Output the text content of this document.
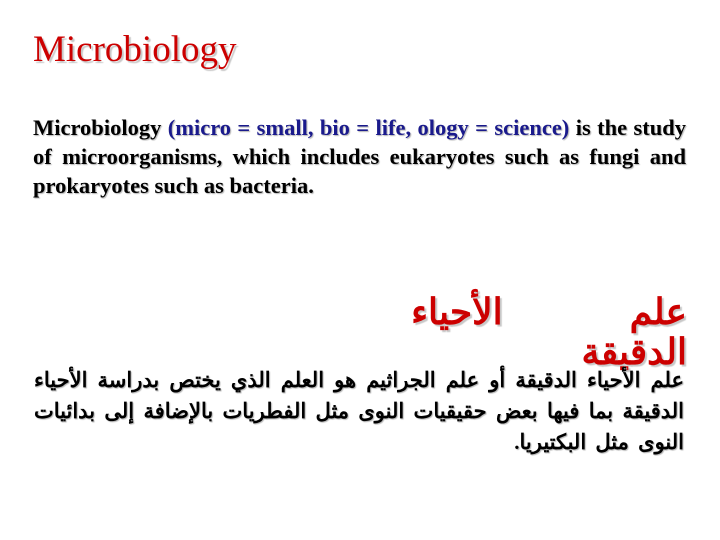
Microbiology
Microbiology (micro = small, bio = life, ology = science) is the study of microorganisms, which includes eukaryotes such as fungi and prokaryotes such as bacteria.
علم الأحياء
الدقيقة
علم الأحياء الدقيقة أو علم الجراثيم هو العلم الذي يختص بدراسة الأحياء الدقيقة بما فيها بعض حقيقيات النوى مثل الفطريات بالإضافة إلى بدائيات النوى مثل البكتيريا.
